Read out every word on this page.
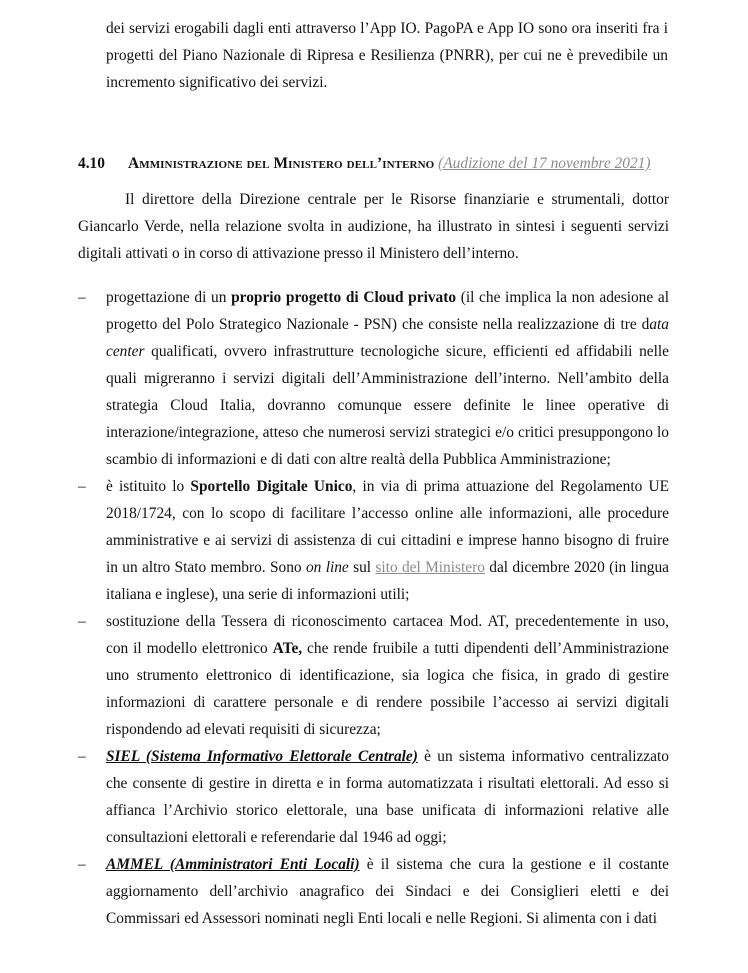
dei servizi erogabili dagli enti attraverso l’App IO. PagoPA e App IO sono ora inseriti fra i progetti del Piano Nazionale di Ripresa e Resilienza (PNRR), per cui ne è prevedibile un incremento significativo dei servizi.

4.10 Amministrazione del Ministero dell’interno (Audizione del 17 novembre 2021)

Il direttore della Direzione centrale per le Risorse finanziarie e strumentali, dottor Giancarlo Verde, nella relazione svolta in audizione, ha illustrato in sintesi i seguenti servizi digitali attivati o in corso di attivazione presso il Ministero dell’interno.

– progettazione di un proprio progetto di Cloud privato (il che implica la non adesione al progetto del Polo Strategico Nazionale - PSN) che consiste nella realizzazione di tre data center qualificati, ovvero infrastrutture tecnologiche sicure, efficienti ed affidabili nelle quali migreranno i servizi digitali dell’Amministrazione dell’interno. Nell’ambito della strategia Cloud Italia, dovranno comunque essere definite le linee operative di interazione/integrazione, atteso che numerosi servizi strategici e/o critici presuppongono lo scambio di informazioni e di dati con altre realtà della Pubblica Amministrazione;
– è istituito lo Sportello Digitale Unico, in via di prima attuazione del Regolamento UE 2018/1724, con lo scopo di facilitare l’accesso online alle informazioni, alle procedure amministrative e ai servizi di assistenza di cui cittadini e imprese hanno bisogno di fruire in un altro Stato membro. Sono on line sul sito del Ministero dal dicembre 2020 (in lingua italiana e inglese), una serie di informazioni utili;
– sostituzione della Tessera di riconoscimento cartacea Mod. AT, precedentemente in uso, con il modello elettronico ATe, che rende fruibile a tutti dipendenti dell’Amministrazione uno strumento elettronico di identificazione, sia logica che fisica, in grado di gestire informazioni di carattere personale e di rendere possibile l’accesso ai servizi digitali rispondendo ad elevati requisiti di sicurezza;
– SIEL (Sistema Informativo Elettorale Centrale) è un sistema informativo centralizzato che consente di gestire in diretta e in forma automatizzata i risultati elettorali. Ad esso si affianca l’Archivio storico elettorale, una base unificata di informazioni relative alle consultazioni elettorali e referendarie dal 1946 ad oggi;
– AMMEL (Amministratori Enti Locali) è il sistema che cura la gestione e il costante aggiornamento dell’archivio anagrafico dei Sindaci e dei Consiglieri eletti e dei Commissari ed Assessori nominati negli Enti locali e nelle Regioni. Si alimenta con i dati
